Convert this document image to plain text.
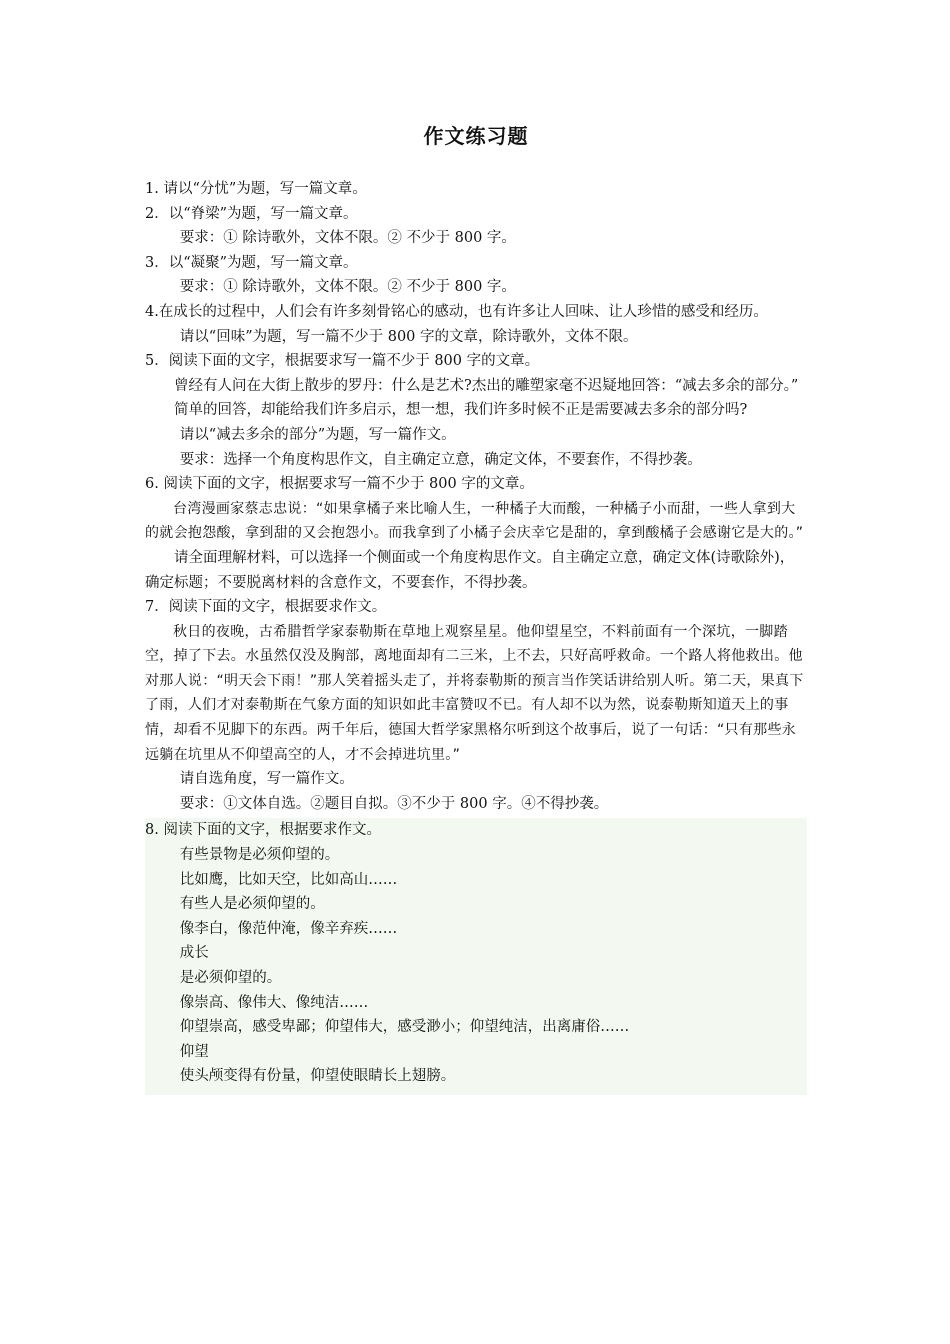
作文练习题

1. 请以“分忧”为题，写一篇文章。

2．以“脊梁”为题，写一篇文章。

要求：① 除诗歌外，文体不限。② 不少于 800 字。

3．以“凝聚”为题，写一篇文章。

要求：① 除诗歌外，文体不限。② 不少于 800 字。

4.在成长的过程中，人们会有许多刻骨铭心的感动，也有许多让人回味、让人珍惜的感受和经历。

请以“回味”为题，写一篇不少于 800 字的文章，除诗歌外，文体不限。

5．阅读下面的文字，根据要求写一篇不少于 800 字的文章。

曾经有人问在大街上散步的罗丹：什么是艺术?杰出的雕塑家毫不迟疑地回答：“减去多余的部分。”

简单的回答，却能给我们许多启示，想一想，我们许多时候不正是需要减去多余的部分吗?

请以“减去多余的部分”为题，写一篇作文。

要求：选择一个角度构思作文，自主确定立意，确定文体，不要套作，不得抄袭。

6. 阅读下面的文字，根据要求写一篇不少于 800 字的文章。

台湾漫画家蔡志忠说：“如果拿橘子来比喻人生，一种橘子大而酸，一种橘子小而甜，一些人拿到大的就会抱怨酸，拿到甜的又会抱怨小。而我拿到了小橘子会庆幸它是甜的，拿到酸橘子会感谢它是大的。”

请全面理解材料，可以选择一个侧面或一个角度构思作文。自主确定立意，确定文体(诗歌除外)，确定标题；不要脱离材料的含意作文，不要套作，不得抄袭。

7．阅读下面的文字，根据要求作文。

秋日的夜晚，古希腊哲学家泰勒斯在草地上观察星星。他仰望星空，不料前面有一个深坑，一脚踏空，掉了下去。水虽然仅没及胸部，离地面却有二三米，上不去，只好高呼救命。一个路人将他救出。他对那人说：“明天会下雨！”那人笑着摇头走了，并将泰勒斯的预言当作笑话讲给别人听。第二天，果真下了雨，人们才对泰勒斯在气象方面的知识如此丰富赞叹不已。有人却不以为然，说泰勒斯知道天上的事情，却看不见脚下的东西。两千年后，德国大哲学家黑格尔听到这个故事后，说了一句话：“只有那些永远躺在坑里从不仰望高空的人，才不会掉进坑里。”

请自选角度，写一篇作文。

要求：①文体自选。②题目自拟。③不少于 800 字。④不得抄袭。

8. 阅读下面的文字，根据要求作文。

有些景物是必须仰望的。

比如鹰，比如天空，比如高山……

有些人是必须仰望的。

像李白，像范仲淹，像辛弃疾……

成长

是必须仰望的。

像崇高、像伟大、像纯洁……

仰望崇高，感受卑鄙；仰望伟大，感受渺小；仰望纯洁，出离庸俗……

仰望

使头颅变得有份量，仰望使眼睛长上翅膀。
